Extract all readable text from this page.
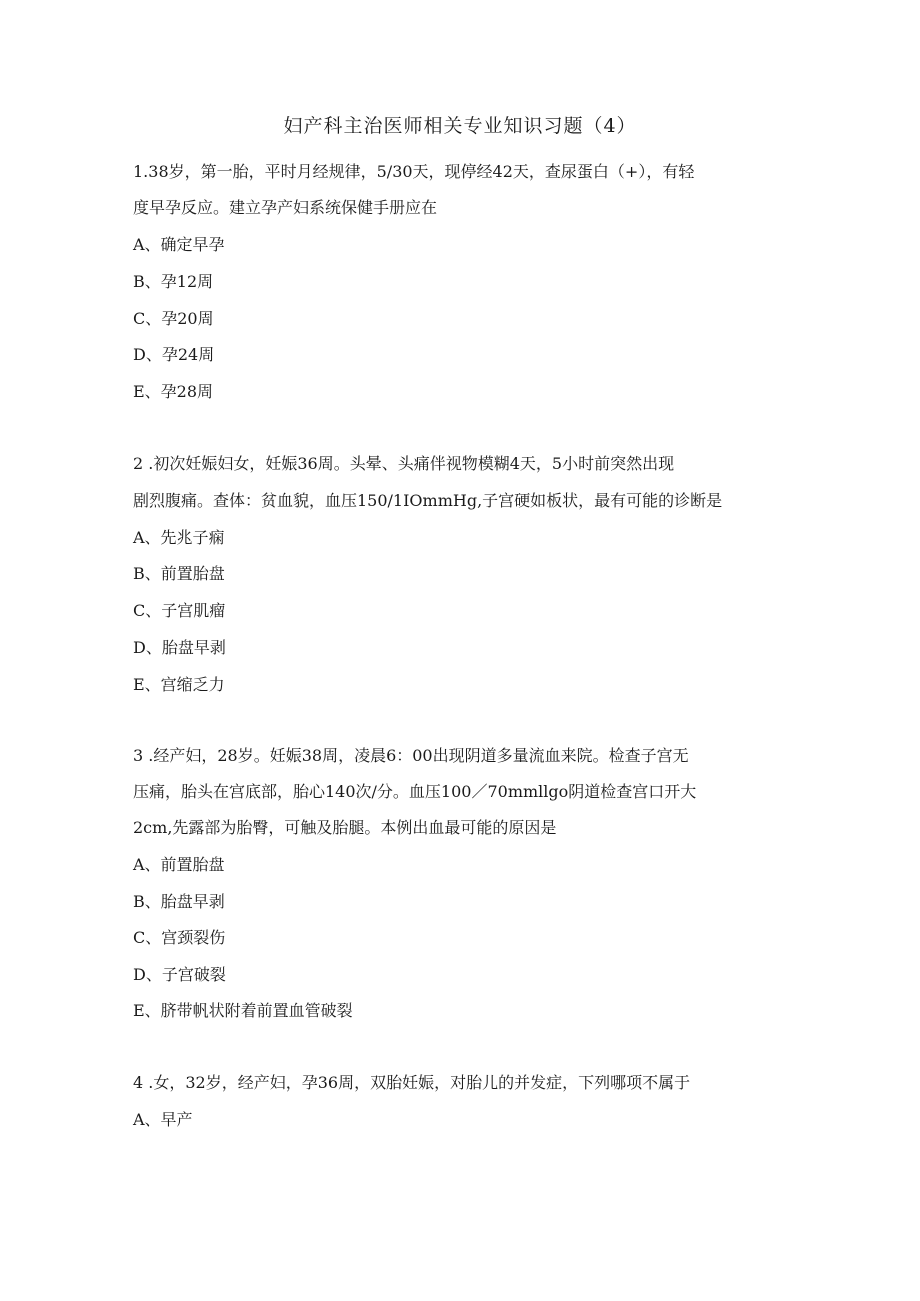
妇产科主治医师相关专业知识习题（4）
1.38岁，第一胎，平时月经规律，5/30天，现停经42天，查尿蛋白（+），有轻
度早孕反应。建立孕产妇系统保健手册应在
A、确定早孕
B、孕12周
C、孕20周
D、孕24周
E、孕28周
2 .初次妊娠妇女，妊娠36周。头晕、头痛伴视物模糊4天，5小时前突然出现
剧烈腹痛。查体：贫血貌，血压150/1IOmmHg,子宫硬如板状，最有可能的诊断是
A、先兆子痫
B、前置胎盘
C、子宫肌瘤
D、胎盘早剥
E、宫缩乏力
3 .经产妇，28岁。妊娠38周，凌晨6：00出现阴道多量流血来院。检查子宫无
压痛，胎头在宫底部，胎心140次/分。血压100／70mmllgo阴道检查宫口开大
2cm,先露部为胎臀，可触及胎腿。本例出血最可能的原因是
A、前置胎盘
B、胎盘早剥
C、宫颈裂伤
D、子宫破裂
E、脐带帆状附着前置血管破裂
4 .女，32岁，经产妇，孕36周，双胎妊娠，对胎儿的并发症，下列哪项不属于
A、早产
